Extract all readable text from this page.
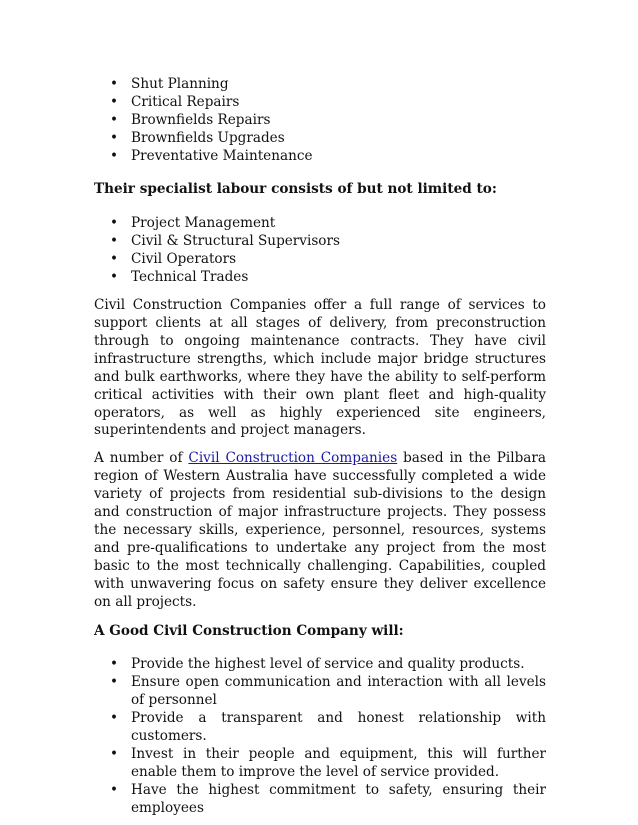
• Shut Planning
• Critical Repairs
• Brownfields Repairs
• Brownfields Upgrades
• Preventative Maintenance

Their specialist labour consists of but not limited to:

• Project Management
• Civil & Structural Supervisors
• Civil Operators
• Technical Trades

Civil Construction Companies offer a full range of services to support clients at all stages of delivery, from preconstruction through to ongoing maintenance contracts. They have civil infrastructure strengths, which include major bridge structures and bulk earthworks, where they have the ability to self-perform critical activities with their own plant fleet and high-quality operators, as well as highly experienced site engineers, superintendents and project managers.

A number of Civil Construction Companies based in the Pilbara region of Western Australia have successfully completed a wide variety of projects from residential sub-divisions to the design and construction of major infrastructure projects. They possess the necessary skills, experience, personnel, resources, systems and pre-qualifications to undertake any project from the most basic to the most technically challenging. Capabilities, coupled with unwavering focus on safety ensure they deliver excellence on all projects.

A Good Civil Construction Company will:

• Provide the highest level of service and quality products.
• Ensure open communication and interaction with all levels of personnel
• Provide a transparent and honest relationship with customers.
• Invest in their people and equipment, this will further enable them to improve the level of service provided.
• Have the highest commitment to safety, ensuring their employees
